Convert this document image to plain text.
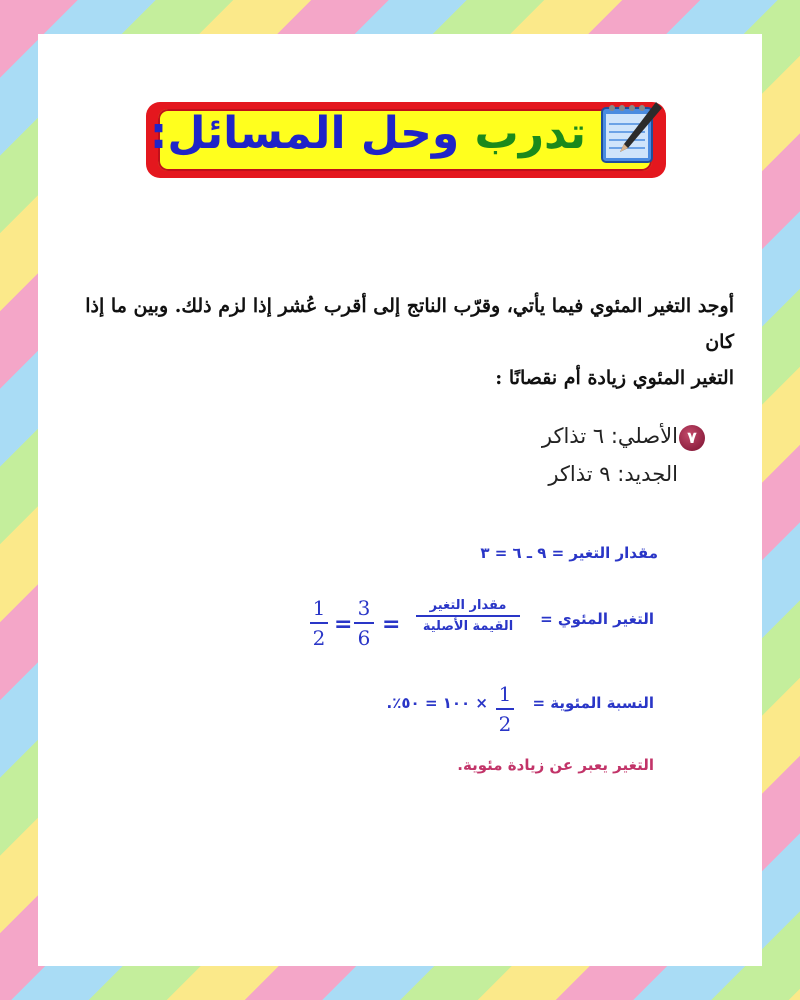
تدرب وحل المسائل:
أوجد التغير المئوي فيما يأتي، وقرّب الناتج إلى أقرب عُشر إذا لزم ذلك. وبين ما إذا كان
التغير المئوي زيادة أم نقصانًا :
٧
الأصلي: ٦ تذاكر
الجديد: ٩ تذاكر
مقدار التغير = ٩ ـ ٦ = ٣
التغير المئوي =
مقدار التغير
القيمة الأصلية
=
3
6
=
1
2
النسبة المئوية =
1
2
× ١٠٠ = ٥٠٪.
التغير يعبر عن زيادة مئوية.
